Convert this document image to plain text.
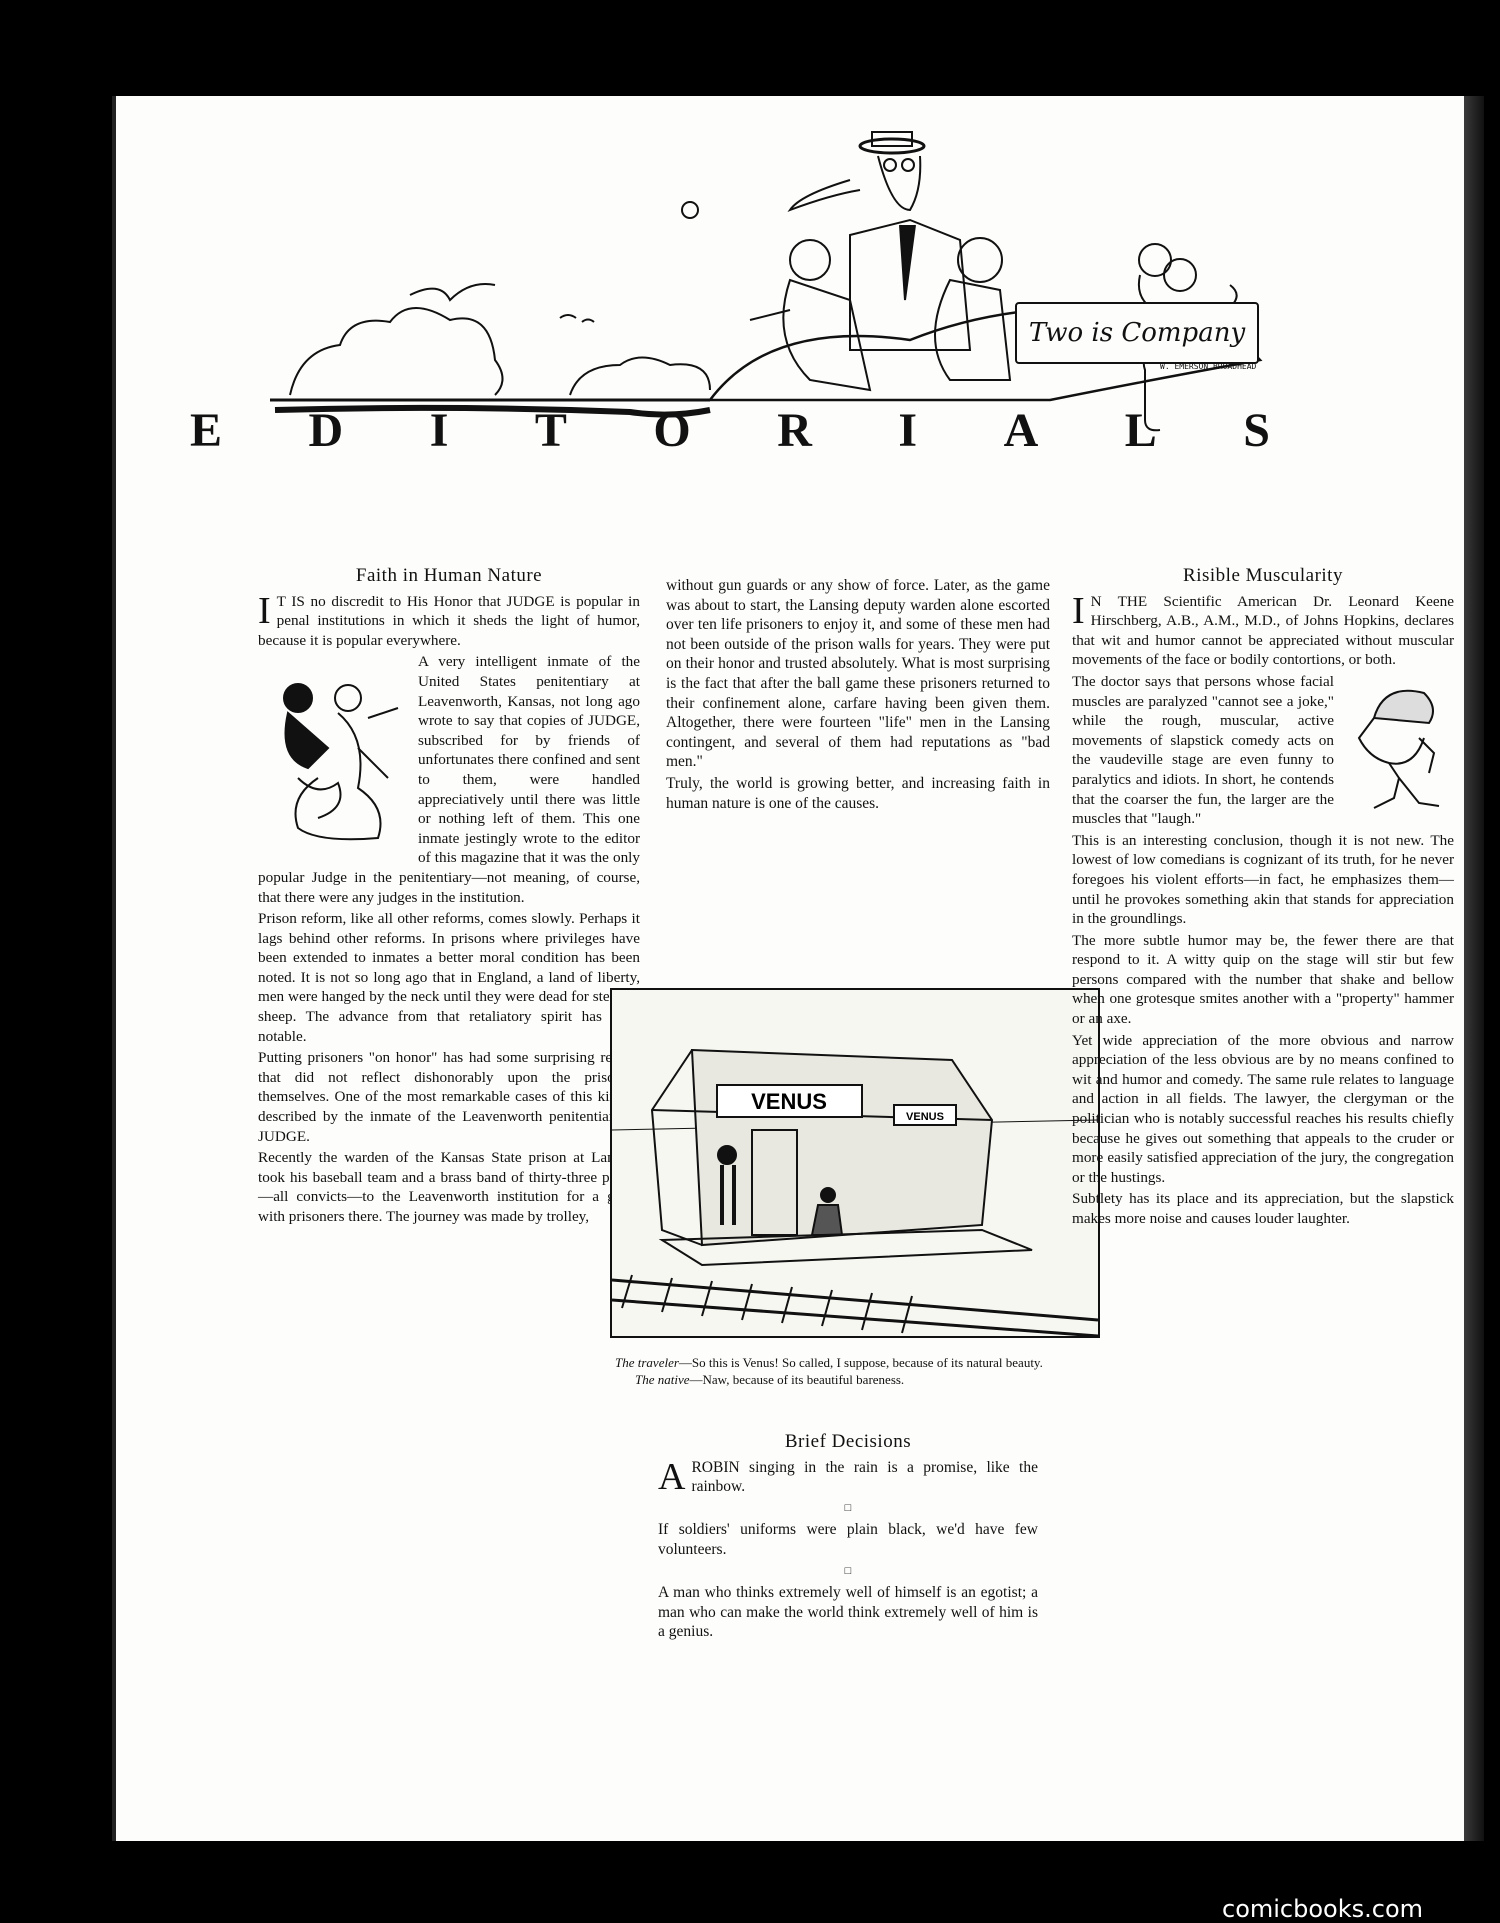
Two is Company
W. EMERSON BROADHEAD
E D I T O R I A L S
Faith in Human Nature

I T IS no discredit to His Honor that JUDGE is popular in penal institutions in which it sheds the light of humor, because it is popular everywhere.

A very intelligent inmate of the United States penitentiary at Leavenworth, Kansas, not long ago wrote to say that copies of JUDGE, subscribed for by friends of unfortunates there confined and sent to them, were handled appreciatively until there was little or nothing left of them. This one inmate jestingly wrote to the editor of this magazine that it was the only popular Judge in the penitentiary—not meaning, of course, that there were any judges in the institution.

Prison reform, like all other reforms, comes slowly. Perhaps it lags behind other reforms. In prisons where privileges have been extended to inmates a better moral condition has been noted. It is not so long ago that in England, a land of liberty, men were hanged by the neck until they were dead for stealing sheep. The advance from that retaliatory spirit has been notable.

Putting prisoners "on honor" has had some surprising results that did not reflect dishonorably upon the prisoners themselves. One of the most remarkable cases of this kind is described by the inmate of the Leavenworth penitentiary to JUDGE.

Recently the warden of the Kansas State prison at Lansing took his baseball team and a brass band of thirty-three pieces—all convicts—to the Leavenworth institution for a game with prisoners there. The journey was made by trolley,

without gun guards or any show of force. Later, as the game was about to start, the Lansing deputy warden alone escorted over ten life prisoners to enjoy it, and some of these men had not been outside of the prison walls for years. They were put on their honor and trusted absolutely. What is most surprising is the fact that after the ball game these prisoners returned to their confinement alone, carfare having been given them. Altogether, there were fourteen "life" men in the Lansing contingent, and several of them had reputations as "bad men."

Truly, the world is growing better, and increasing faith in human nature is one of the causes.

VENUS
VENUS
The traveler—So this is Venus! So called, I suppose, because of its natural beauty.
The native—Naw, because of its beautiful bareness.
Brief Decisions

AROBIN singing in the rain is a promise, like the rainbow.

□

If soldiers' uniforms were plain black, we'd have few volunteers.

□

A man who thinks extremely well of himself is an egotist; a man who can make the world think extremely well of him is a genius.

Risible Muscularity

I N THE Scientific American Dr. Leonard Keene Hirschberg, A.B., A.M., M.D., of Johns Hopkins, declares that wit and humor cannot be appreciated without muscular movements of the face or bodily contortions, or both.

The doctor says that persons whose facial muscles are paralyzed "cannot see a joke," while the rough, muscular, active movements of slapstick comedy acts on the vaudeville stage are even funny to paralytics and idiots. In short, he contends that the coarser the fun, the larger are the muscles that "laugh."

This is an interesting conclusion, though it is not new. The lowest of low comedians is cognizant of its truth, for he never foregoes his violent efforts—in fact, he emphasizes them—until he provokes something akin that stands for appreciation in the groundlings.

The more subtle humor may be, the fewer there are that respond to it. A witty quip on the stage will stir but few persons compared with the number that shake and bellow when one grotesque smites another with a "property" hammer or an axe.

Yet wide appreciation of the more obvious and narrow appreciation of the less obvious are by no means confined to wit and humor and comedy. The same rule relates to language and action in all fields. The lawyer, the clergyman or the politician who is notably successful reaches his results chiefly because he gives out something that appeals to the cruder or more easily satisfied appreciation of the jury, the congregation or the hustings.

Subtlety has its place and its appreciation, but the slapstick makes more noise and causes louder laughter.

comicbooks.com
